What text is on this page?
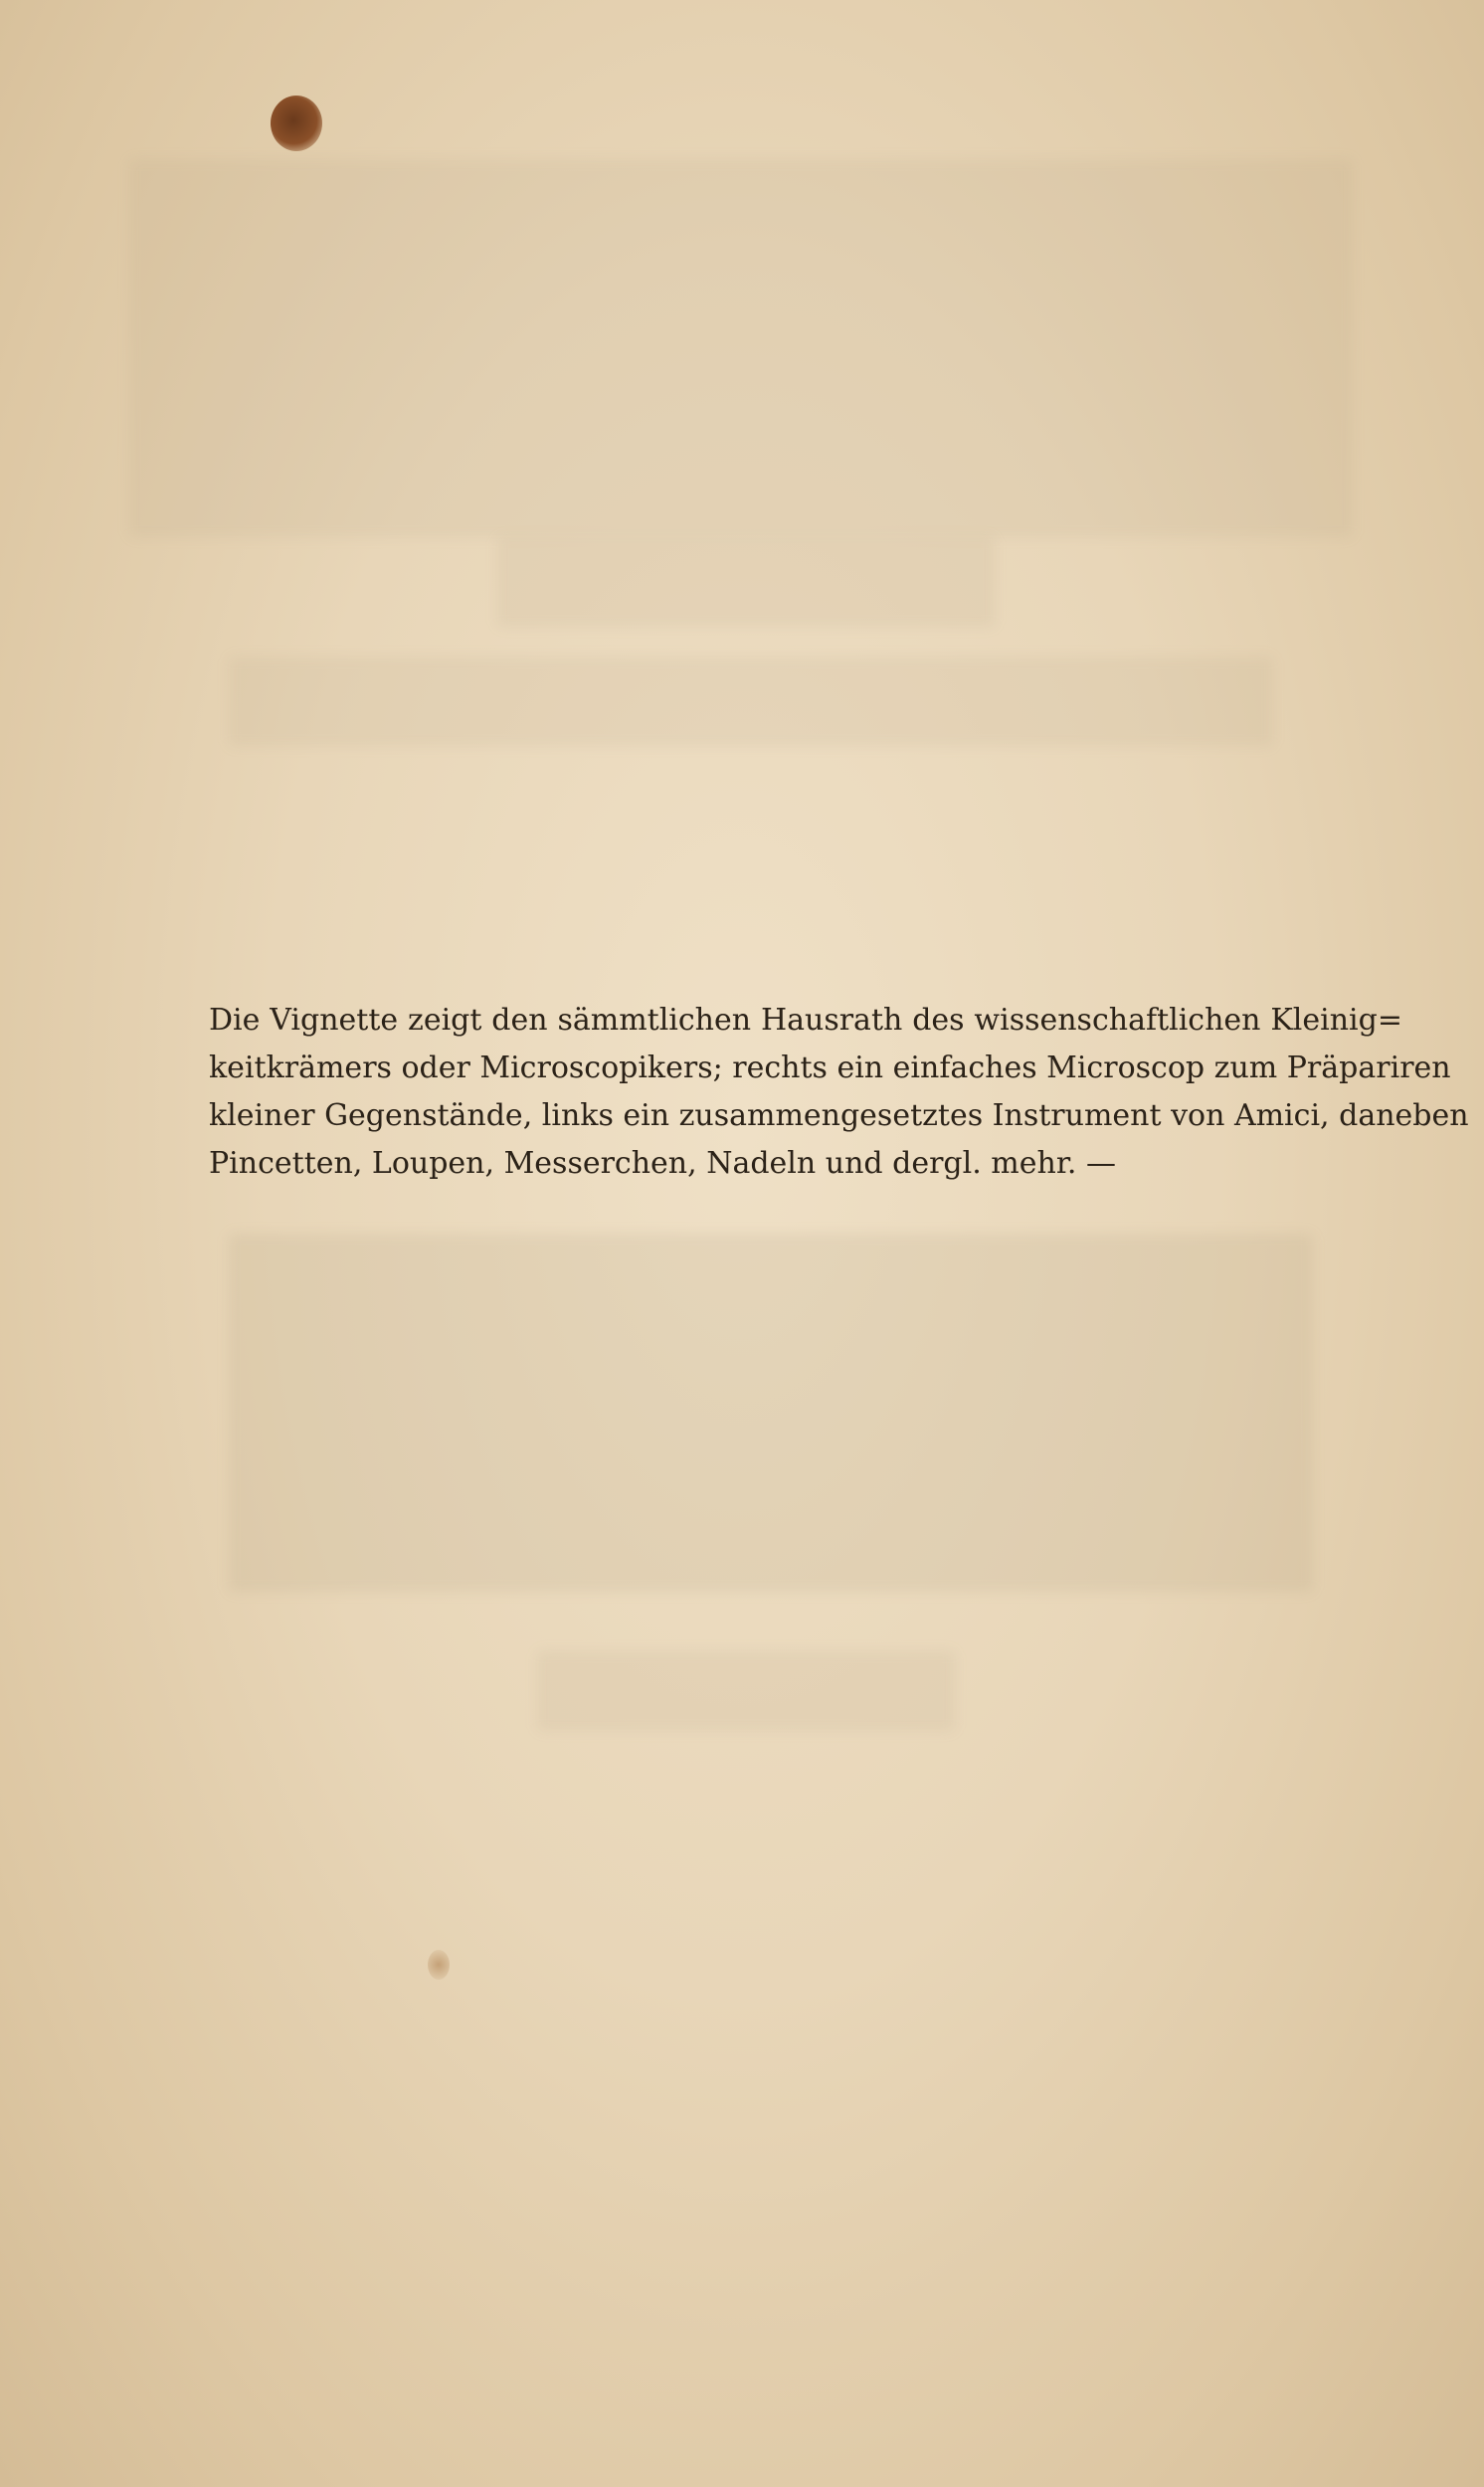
Die Vignette zeigt den sämmtlichen Hausrath des wissenschaftlichen Kleinig=
keitkrämers oder Microscopikers; rechts ein einfaches Microscop zum Präpariren
kleiner Gegenstände, links ein zusammengesetztes Instrument von Amici, daneben
Pincetten, Loupen, Messerchen, Nadeln und dergl. mehr. —
